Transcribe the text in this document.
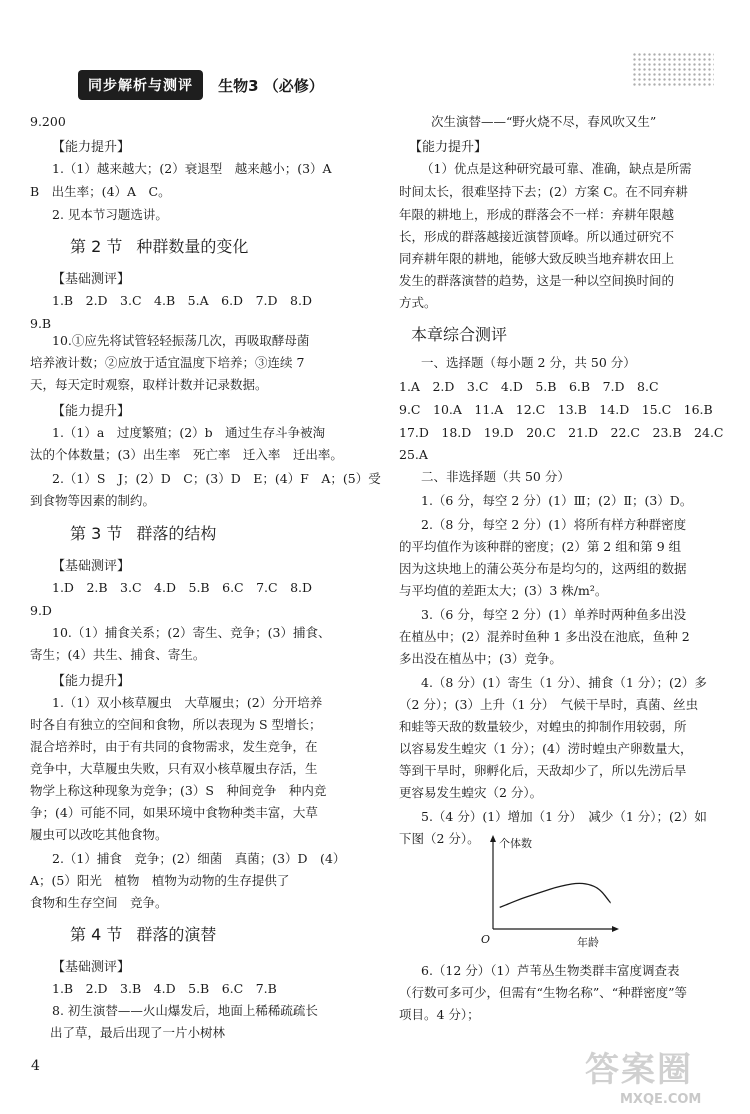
同步解析与测评 生物3 （必修）
9.200
【能力提升】
1.（1）越来越大；(2）衰退型　越来越小；(3）A
B　出生率；(4）A　C。
2. 见本节习题选讲。
第 2 节 种群数量的变化
【基础测评】
1.B　2.D　3.C　4.B　5.A　6.D　7.D　8.D
9.B
10.①应先将试管轻轻振荡几次，再吸取酵母菌
培养液计数；②应放于适宜温度下培养；③连续 7
天，每天定时观察，取样计数并记录数据。
【能力提升】
1.（1）a　过度繁殖；(2）b　通过生存斗争被淘
汰的个体数量；(3）出生率　死亡率　迁入率　迁出率。
2.（1）S　J；(2）D　C；(3）D　E；(4）F　A；(5）受
到食物等因素的制约。
第 3 节 群落的结构
【基础测评】
1.D　2.B　3.C　4.D　5.B　6.C　7.C　8.D
9.D
10.（1）捕食关系；(2）寄生、竞争；(3）捕食、
寄生；(4）共生、捕食、寄生。
【能力提升】
1.（1）双小核草履虫　大草履虫；(2）分开培养
时各自有独立的空间和食物，所以表现为 S 型增长；
混合培养时，由于有共同的食物需求，发生竞争，在
竞争中，大草履虫失败，只有双小核草履虫存活，生
物学上称这种现象为竞争；(3）S　种间竞争　种内竞
争；(4）可能不同，如果环境中食物种类丰富，大草
履虫可以改吃其他食物。
2.（1）捕食　竞争；(2）细菌　真菌；(3）D　(4）
A；(5）阳光　植物　植物为动物的生存提供了
食物和生存空间　竞争。
第 4 节 群落的演替
【基础测评】
1.B　2.D　3.B　4.D　5.B　6.C　7.B
8. 初生演替——火山爆发后，地面上稀稀疏疏长
出了草，最后出现了一片小树林
次生演替——“野火烧不尽，春风吹又生”
【能力提升】
（1）优点是这种研究最可靠、准确，缺点是所需
时间太长，很难坚持下去；(2）方案 C。在不同弃耕
年限的耕地上，形成的群落会不一样：弃耕年限越
长，形成的群落越接近演替顶峰。所以通过研究不
同弃耕年限的耕地，能够大致反映当地弃耕农田上
发生的群落演替的趋势，这是一种以空间换时间的
方式。
本章综合测评
一、选择题（每小题 2 分，共 50 分）
1.A　2.D　3.C　4.D　5.B　6.B　7.D　8.C
9.C　10.A　11.A　12.C　13.B　14.D　15.C　16.B
17.D　18.D　19.D　20.C　21.D　22.C　23.B　24.C
25.A
二、非选择题（共 50 分）
1.（6 分，每空 2 分）(1）Ⅲ；(2）Ⅱ；(3）D。
2.（8 分，每空 2 分）(1）将所有样方种群密度
的平均值作为该种群的密度；(2）第 2 组和第 9 组
因为这块地上的蒲公英分布是均匀的，这两组的数据
与平均值的差距太大；(3）3 株/m²。
3.（6 分，每空 2 分）(1）单养时两种鱼多出没
在植丛中；(2）混养时鱼种 1 多出没在池底，鱼种 2
多出没在植丛中；(3）竞争。
4.（8 分）(1）寄生（1 分）、捕食（1 分）；(2）多
（2 分）；(3）上升（1 分）　气候干旱时，真菌、丝虫
和蛙等天敌的数量较少，对蝗虫的抑制作用较弱，所
以容易发生蝗灾（1 分）；(4）涝时蝗虫产卵数量大，
等到干旱时，卵孵化后，天敌却少了，所以先涝后旱
更容易发生蝗灾（2 分）。
5.（4 分）(1）增加（1 分）　减少（1 分）；(2）如
下图（2 分）。
6.（12 分）（1）芦苇丛生物类群丰富度调查表
（行数可多可少，但需有“生物名称”、“种群密度”等
项目。4 分）；
个体数
年龄
O
4	答案圈
MXQE.COM
